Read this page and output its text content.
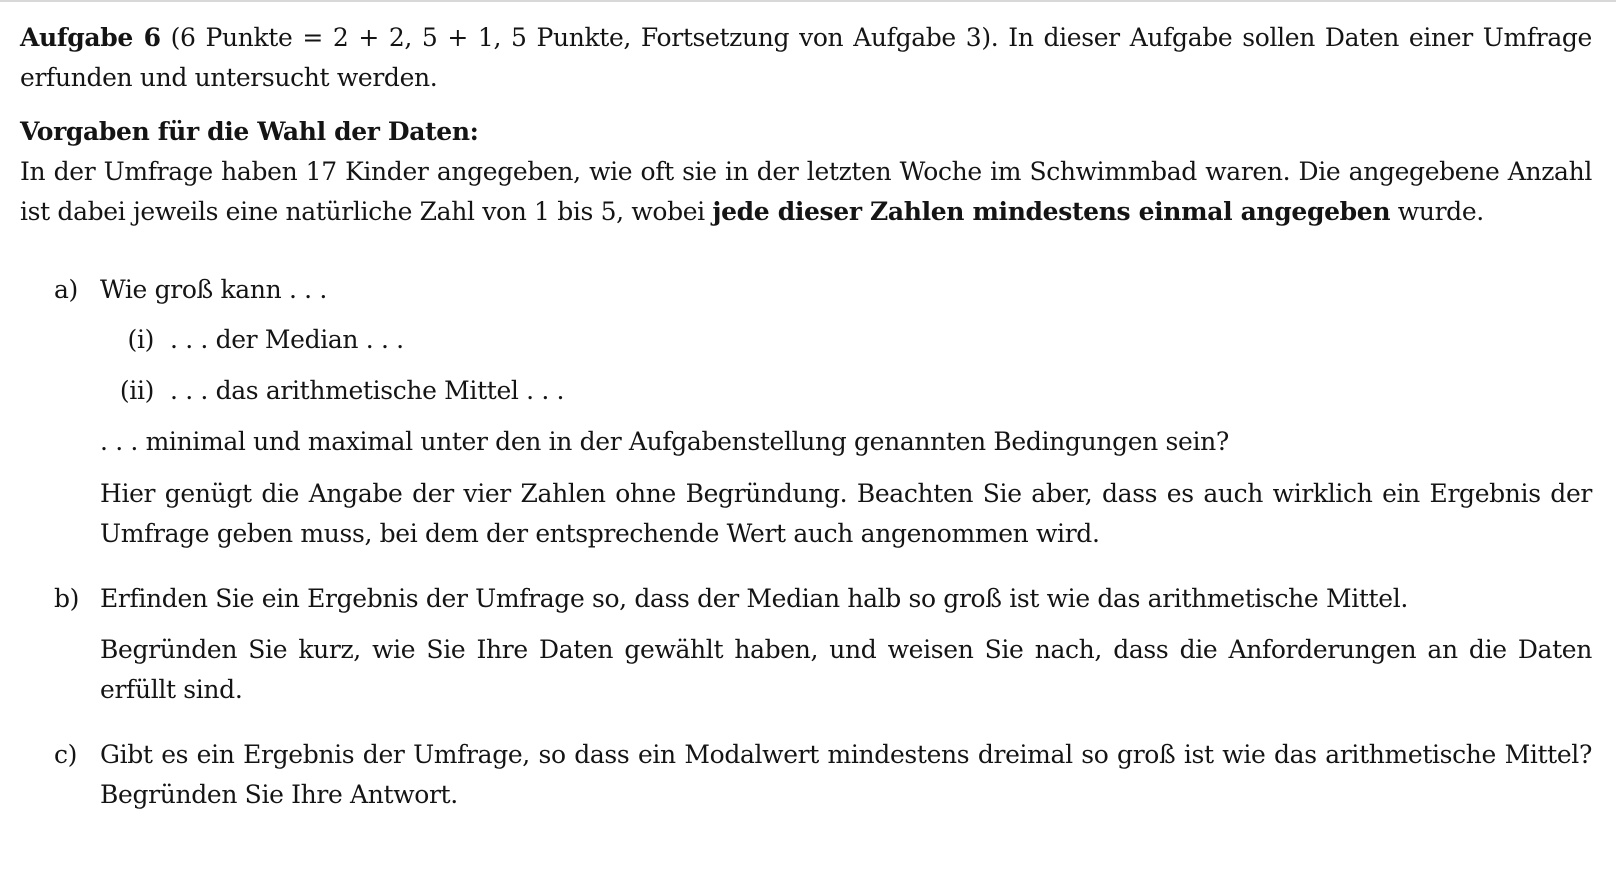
Aufgabe 6 (6 Punkte = 2 + 2, 5 + 1, 5 Punkte, Fortsetzung von Aufgabe 3). In dieser Aufgabe sollen Daten einer Umfrage erfunden und untersucht werden.

Vorgaben für die Wahl der Daten:

In der Umfrage haben 17 Kinder angegeben, wie oft sie in der letzten Woche im Schwimmbad waren. Die angegebene Anzahl ist dabei jeweils eine natürliche Zahl von 1 bis 5, wobei jede dieser Zahlen mindestens einmal angegeben wurde.

a) Wie groß kann . . .

(i) . . . der Median . . .

(ii) . . . das arithmetische Mittel . . .

. . . minimal und maximal unter den in der Aufgabenstellung genannten Bedingungen sein?

Hier genügt die Angabe der vier Zahlen ohne Begründung. Beachten Sie aber, dass es auch wirklich ein Ergebnis der Umfrage geben muss, bei dem der entsprechende Wert auch angenommen wird.

b) Erfinden Sie ein Ergebnis der Umfrage so, dass der Median halb so groß ist wie das arithmetische Mittel.

Begründen Sie kurz, wie Sie Ihre Daten gewählt haben, und weisen Sie nach, dass die Anforderungen an die Daten erfüllt sind.

c) Gibt es ein Ergebnis der Umfrage, so dass ein Modalwert mindestens dreimal so groß ist wie das arithmetische Mittel? Begründen Sie Ihre Antwort.
